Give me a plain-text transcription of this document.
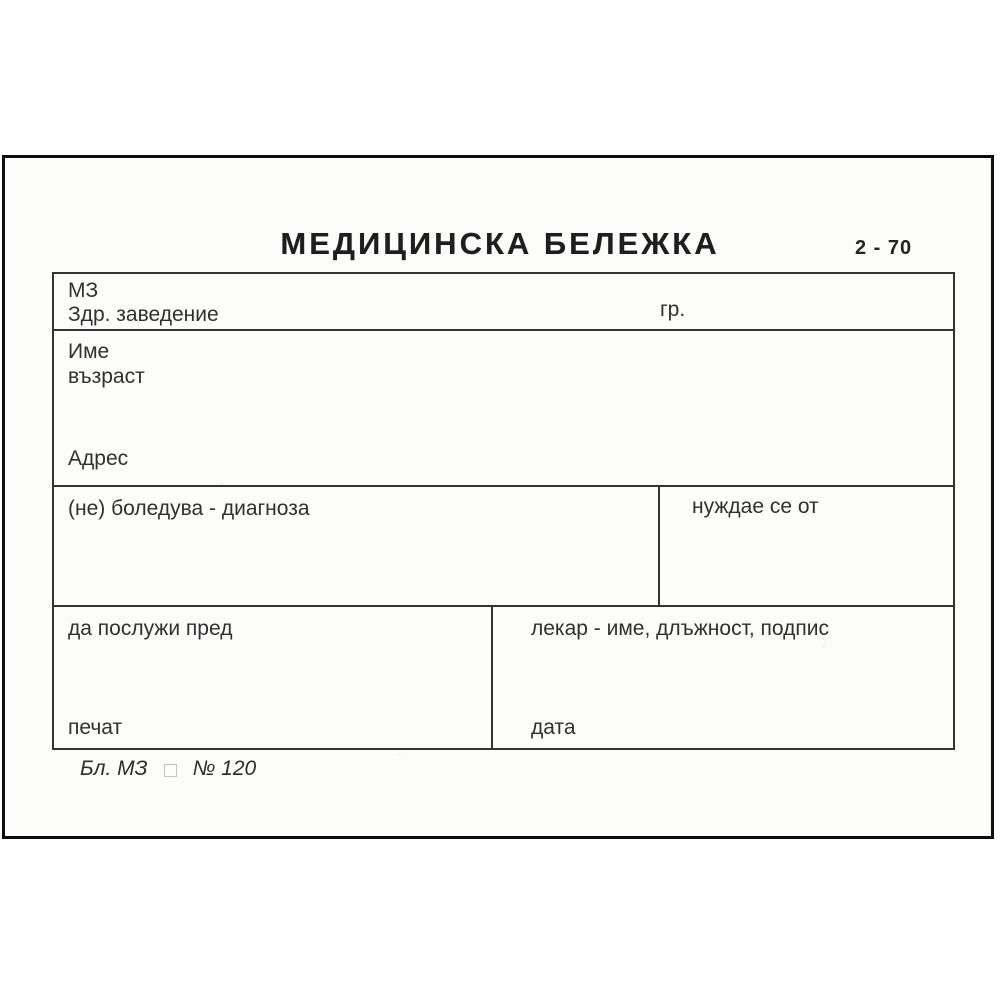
МЕДИЦИНСКА БЕЛЕЖКА	2 - 70
МЗ
Здр. заведение	гр.
Име
възраст
Адрес
(не) боледува - диагноза	нуждае се от
да послужи пред
печат
лекар - име, длъжност, подпис
дата
Бл. МЗ № 120
